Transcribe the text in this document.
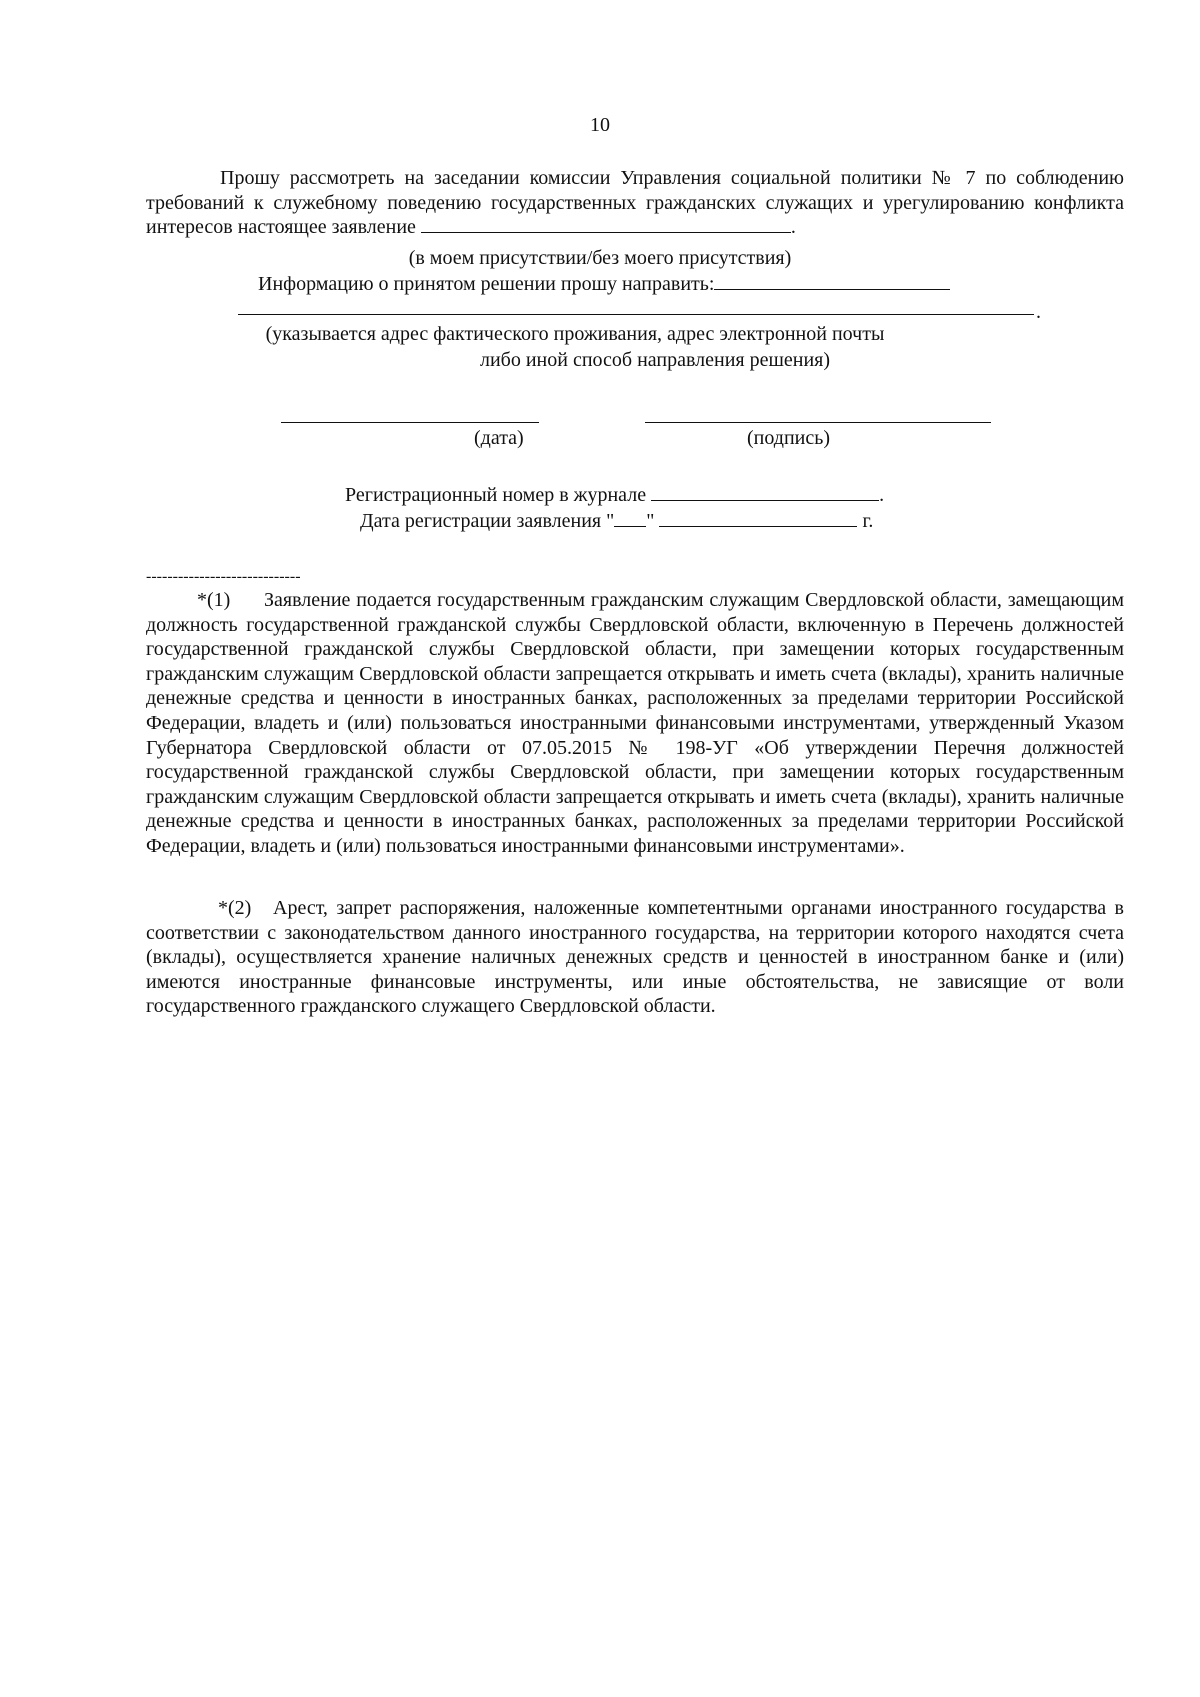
10
Прошу рассмотреть на заседании комиссии Управления социальной политики № 7 по соблюдению требований к служебному поведению государственных гражданских служащих и урегулированию конфликта интересов настоящее заявление	.
(в моем присутствии/без моего присутствия)
Информацию о принятом решении прошу направить:
.
(указывается адрес фактического проживания, адрес электронной почты
либо иной способ направления решения)
(дата)	(подпись)
Регистрационный номер в журнале	.
Дата регистрации заявления " "	г.
-----------------------------
*(1) Заявление подается государственным гражданским служащим Свердловской области, замещающим должность государственной гражданской службы Свердловской области, включенную в Перечень должностей государственной гражданской службы Свердловской области, при замещении которых государственным гражданским служащим Свердловской области запрещается открывать и иметь счета (вклады), хранить наличные денежные средства и ценности в иностранных банках, расположенных за пределами территории Российской Федерации, владеть и (или) пользоваться иностранными финансовыми инструментами, утвержденный Указом Губернатора Свердловской области от 07.05.2015 № 198-УГ «Об утверждении Перечня должностей государственной гражданской службы Свердловской области, при замещении которых государственным гражданским служащим Свердловской области запрещается открывать и иметь счета (вклады), хранить наличные денежные средства и ценности в иностранных банках, расположенных за пределами территории Российской Федерации, владеть и (или) пользоваться иностранными финансовыми инструментами».
*(2) Арест, запрет распоряжения, наложенные компетентными органами иностранного государства в соответствии с законодательством данного иностранного государства, на территории которого находятся счета (вклады), осуществляется хранение наличных денежных средств и ценностей в иностранном банке и (или) имеются иностранные финансовые инструменты, или иные обстоятельства, не зависящие от воли государственного гражданского служащего Свердловской области.
